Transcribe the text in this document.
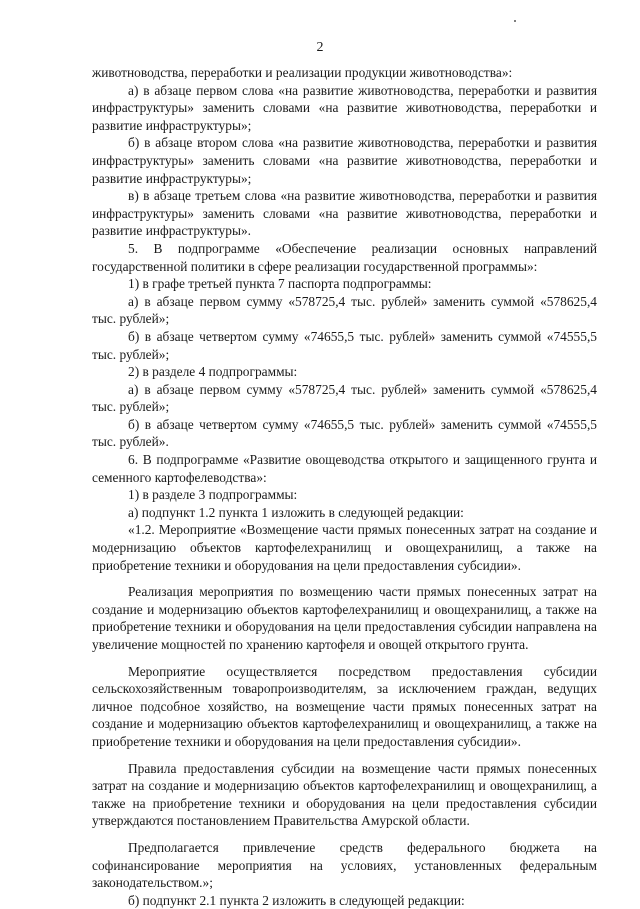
2

животноводства, переработки и реализации продукции животноводства»:

а) в абзаце первом слова «на развитие животноводства, переработки и развития инфраструктуры» заменить словами «на развитие животноводства, переработки и развитие инфраструктуры»;

б) в абзаце втором слова «на развитие животноводства, переработки и развития инфраструктуры» заменить словами «на развитие животноводства, переработки и развитие инфраструктуры»;

в) в абзаце третьем слова «на развитие животноводства, переработки и развития инфраструктуры» заменить словами «на развитие животноводства, переработки и развитие инфраструктуры».

5. В подпрограмме «Обеспечение реализации основных направлений государственной политики в сфере реализации государственной программы»:

1) в графе третьей пункта 7 паспорта подпрограммы:

а) в абзаце первом сумму «578725,4 тыс. рублей» заменить суммой «578625,4 тыс. рублей»;

б) в абзаце четвертом сумму «74655,5 тыс. рублей» заменить суммой «74555,5 тыс. рублей»;

2) в разделе 4 подпрограммы:

а) в абзаце первом сумму «578725,4 тыс. рублей» заменить суммой «578625,4 тыс. рублей»;

б) в абзаце четвертом сумму «74655,5 тыс. рублей» заменить суммой «74555,5 тыс. рублей».

6. В подпрограмме «Развитие овощеводства открытого и защищенного грунта и семенного картофелеводства»:

1) в разделе 3 подпрограммы:

а) подпункт 1.2 пункта 1 изложить в следующей редакции:

«1.2. Мероприятие «Возмещение части прямых понесенных затрат на создание и модернизацию объектов картофелехранилищ и овощехранилищ, а также на приобретение техники и оборудования на цели предоставления субсидии».

Реализация мероприятия по возмещению части прямых понесенных затрат на создание и модернизацию объектов картофелехранилищ и овощехранилищ, а также на приобретение техники и оборудования на цели предоставления субсидии направлена на увеличение мощностей по хранению картофеля и овощей открытого грунта.

Мероприятие осуществляется посредством предоставления субсидии сельскохозяйственным товаропроизводителям, за исключением граждан, ведущих личное подсобное хозяйство, на возмещение части прямых понесенных затрат на создание и модернизацию объектов картофелехранилищ и овощехранилищ, а также на приобретение техники и оборудования на цели предоставления субсидии».

Правила предоставления субсидии на возмещение части прямых понесенных затрат на создание и модернизацию объектов картофелехранилищ и овощехранилищ, а также на приобретение техники и оборудования на цели предоставления субсидии утверждаются постановлением Правительства Амурской области.

Предполагается привлечение средств федерального бюджета на софинансирование мероприятия на условиях, установленных федеральным законодательством.»;

б) подпункт 2.1 пункта 2 изложить в следующей редакции:
